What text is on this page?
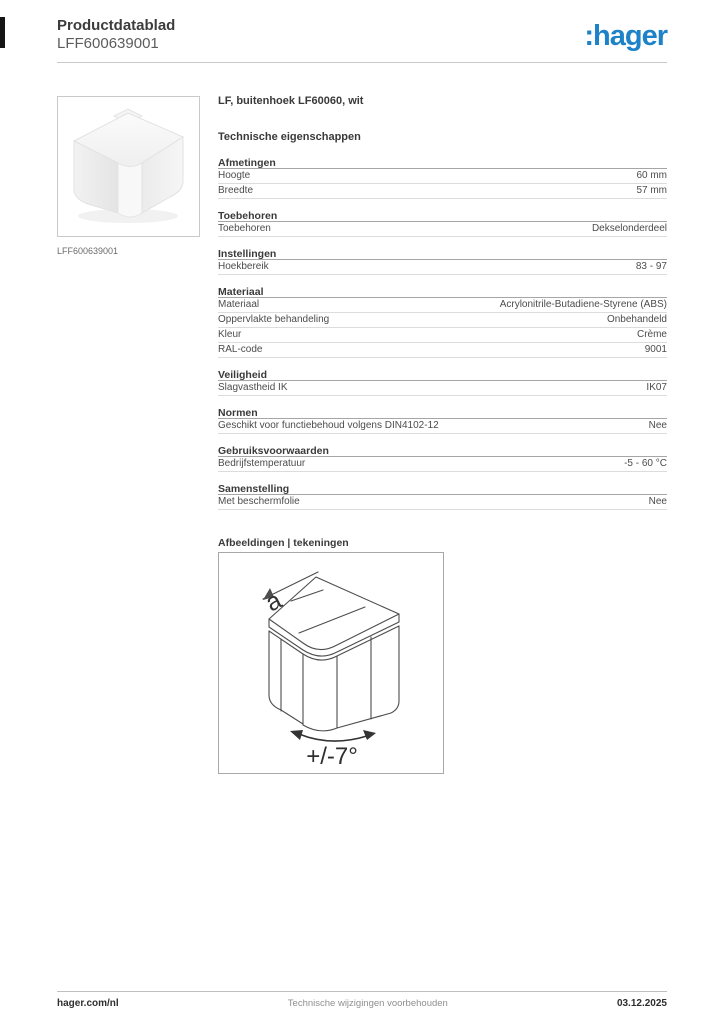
Productdatablad
LFF600639001	:hager
LFF600639001
LF, buitenhoek LF60060, wit
Technische eigenschappen
Afmetingen
Hoogte	60 mm
Breedte	57 mm
Toebehoren
Toebehoren	Dekselonderdeel
Instellingen
Hoekbereik	83 - 97
Materiaal
Materiaal	Acrylonitrile-Butadiene-Styrene (ABS)
Oppervlakte behandeling	Onbehandeld
Kleur	Crème
RAL-code	9001
Veiligheid
Slagvastheid IK	IK07
Normen
Geschikt voor functiebehoud volgens DIN4102-12	Nee
Gebruiksvoorwaarden
Bedrijfstemperatuur	-5 - 60 °C
Samenstelling
Met beschermfolie	Nee
Afbeeldingen | tekeningen
a
+/-7°
hager.com/nl	Technische wijzigingen voorbehouden	03.12.2025
